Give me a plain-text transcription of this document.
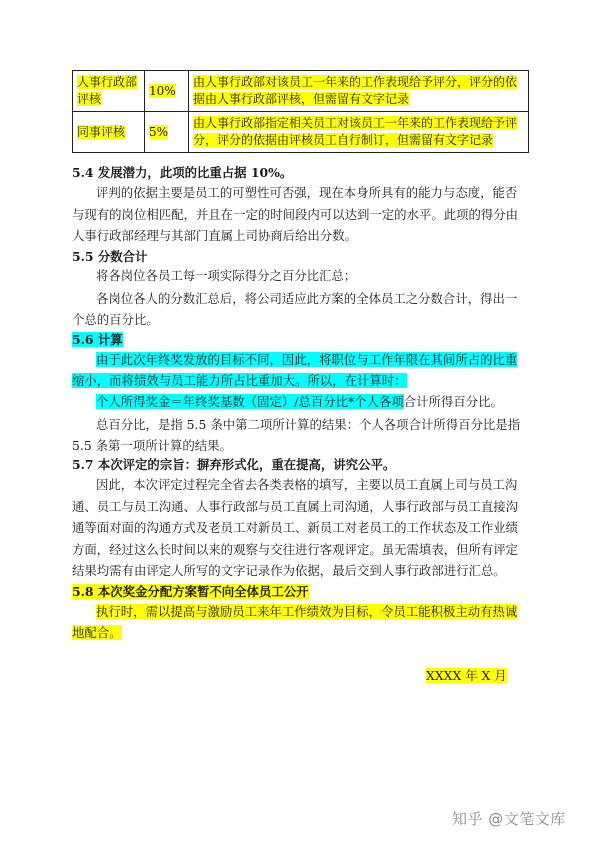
人事行政部评核	10%	由人事行政部对该员工一年来的工作表现给予评分，评分的依据由人事行政部评核，但需留有文字记录
同事评核	5%	由人事行政部指定相关员工对该员工一年来的工作表现给予评分，评分的依据由评核员工自行制订，但需留有文字记录
5.4 发展潜力，此项的比重占据 10%。
评判的依据主要是员工的可塑性可否强，现在本身所具有的能力与态度，能否与现有的岗位相匹配，并且在一定的时间段内可以达到一定的水平。此项的得分由人事行政部经理与其部门直属上司协商后给出分数。
5.5 分数合计
将各岗位各员工每一项实际得分之百分比汇总；
各岗位各人的分数汇总后，将公司适应此方案的全体员工之分数合计，得出一个总的百分比。
5.6 计算
由于此次年终奖发放的目标不同，因此，将职位与工作年限在其间所占的比重缩小，而将绩效与员工能力所占比重加大。所以，在计算时：
个人所得奖金＝年终奖基数（固定）/总百分比*个人各项合计所得百分比。
总百分比，是指 5.5 条中第二项所计算的结果：个人各项合计所得百分比是指 5.5 条第一项所计算的结果。
5.7 本次评定的宗旨：摒弃形式化，重在提高，讲究公平。
因此，本次评定过程完全省去各类表格的填写，主要以员工直属上司与员工沟通、员工与员工沟通、人事行政部与员工直属上司沟通，人事行政部与员工直接沟通等面对面的沟通方式及老员工对新员工、新员工对老员工的工作状态及工作业绩方面，经过这么长时间以来的观察与交往进行客观评定。虽无需填表，但所有评定结果均需有由评定人所写的文字记录作为依据，最后交到人事行政部进行汇总。
5.8 本次奖金分配方案暂不向全体员工公开
执行时，需以提高与激励员工来年工作绩效为目标，令员工能积极主动有热诚地配合。
XXXX 年 X 月
知乎 @文笔文库
